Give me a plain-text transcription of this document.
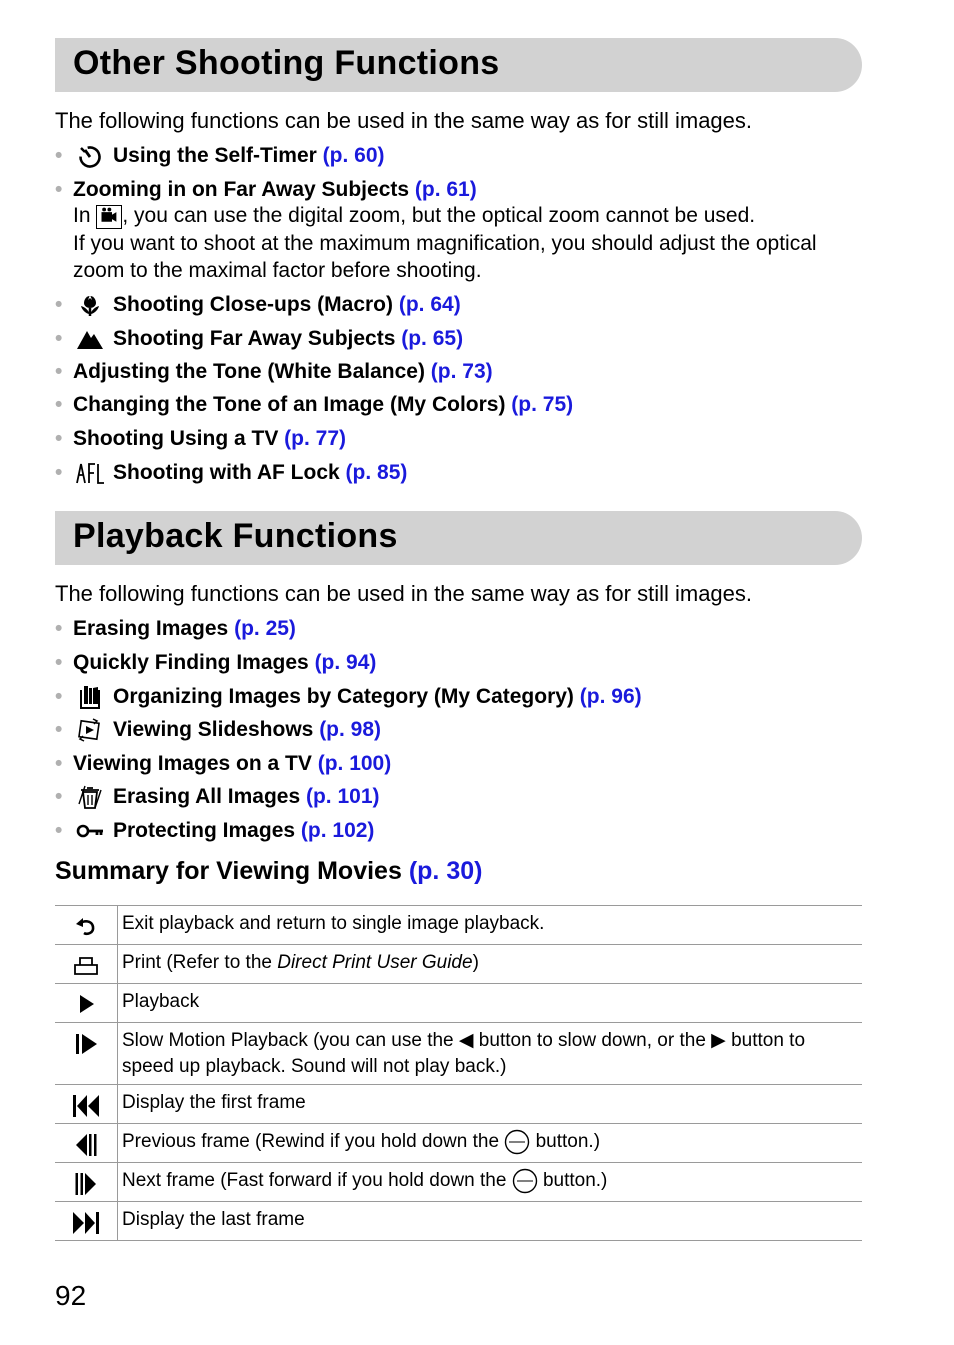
Other Shooting Functions
The following functions can be used in the same way as for still images.
• Using the Self-Timer (p. 60)
• Zooming in on Far Away Subjects (p. 61)
In , you can use the digital zoom, but the optical zoom cannot be used.
If you want to shoot at the maximum magnification, you should adjust the optical zoom to the maximal factor before shooting.
• Shooting Close-ups (Macro) (p. 64)
• Shooting Far Away Subjects (p. 65)
• Adjusting the Tone (White Balance) (p. 73)
• Changing the Tone of an Image (My Colors) (p. 75)
• Shooting Using a TV (p. 77)
• Shooting with AF Lock (p. 85)
Playback Functions
The following functions can be used in the same way as for still images.
• Erasing Images (p. 25)
• Quickly Finding Images (p. 94)
• Organizing Images by Category (My Category) (p. 96)
• Viewing Slideshows (p. 98)
• Viewing Images on a TV (p. 100)
• Erasing All Images (p. 101)
• Protecting Images (p. 102)
Summary for Viewing Movies (p. 30)
	Exit playback and return to single image playback.

	Print (Refer to the Direct Print User Guide)

	Playback

	Slow Motion Playback (you can use the ◀ button to slow down, or the ▶ button to speed up playback. Sound will not play back.)

	Display the first frame

	Previous frame (Rewind if you hold down the  button.)

	Next frame (Fast forward if you hold down the  button.)

	Display the last frame
92
